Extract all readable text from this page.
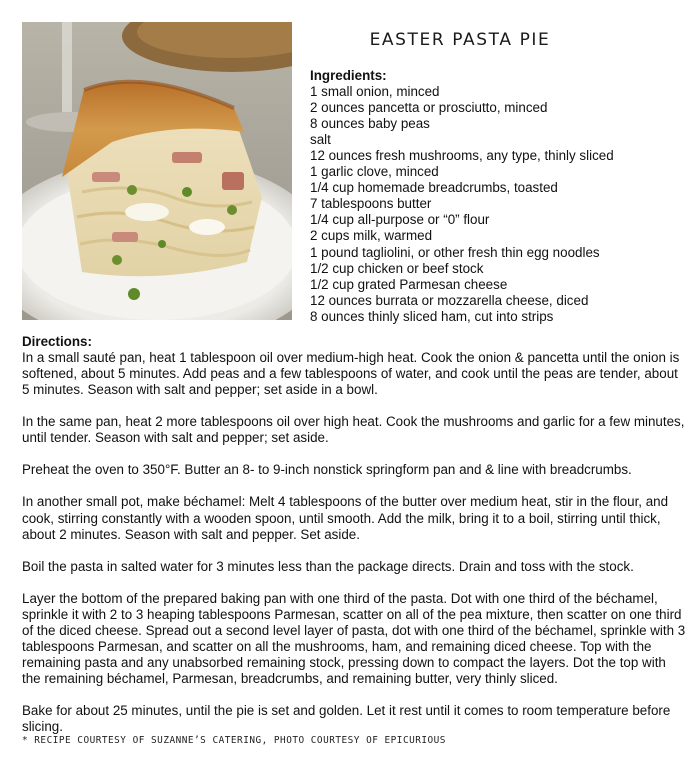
EASTER PASTA PIE
Ingredients:
1 small onion, minced
2 ounces pancetta or prosciutto, minced
8 ounces baby peas
salt
12 ounces fresh mushrooms, any type, thinly sliced
1 garlic clove, minced
1/4 cup homemade breadcrumbs, toasted
7 tablespoons butter
1/4 cup all-purpose or “0” flour
2 cups milk, warmed
1 pound tagliolini, or other fresh thin egg noodles
1/2 cup chicken or beef stock
1/2 cup grated Parmesan cheese
12 ounces burrata or mozzarella cheese, diced
8 ounces thinly sliced ham, cut into strips
Directions:

In a small sauté pan, heat 1 tablespoon oil over medium-high heat. Cook the onion & pancetta until the onion is softened, about 5 minutes. Add peas and a few tablespoons of water, and cook until the peas are tender, about 5 minutes. Season with salt and pepper; set aside in a bowl.

In the same pan, heat 2 more tablespoons oil over high heat. Cook the mushrooms and garlic for a few minutes, until tender. Season with salt and pepper; set aside.

Preheat the oven to 350°F. Butter an 8- to 9-inch nonstick springform pan and & line with breadcrumbs.

In another small pot, make béchamel: Melt 4 tablespoons of the butter over medium heat, stir in the flour, and cook, stirring constantly with a wooden spoon, until smooth. Add the milk, bring it to a boil, stirring until thick, about 2 minutes. Season with salt and pepper. Set aside.

Boil the pasta in salted water for 3 minutes less than the package directs. Drain and toss with the stock.

Layer the bottom of the prepared baking pan with one third of the pasta. Dot with one third of the béchamel, sprinkle it with 2 to 3 heaping tablespoons Parmesan, scatter on all of the pea mixture, then scatter on one third of the diced cheese. Spread out a second level layer of pasta, dot with one third of the béchamel, sprinkle with 3 tablespoons Parmesan, and scatter on all the mushrooms, ham, and remaining diced cheese. Top with the remaining pasta and any unabsorbed remaining stock, pressing down to compact the layers. Dot the top with the remaining béchamel, Parmesan, breadcrumbs, and remaining butter, very thinly sliced.

Bake for about 25 minutes, until the pie is set and golden. Let it rest until it comes to room temperature before slicing.

* RECIPE COURTESY OF SUZANNE’S CATERING, PHOTO COURTESY OF EPICURIOUS
